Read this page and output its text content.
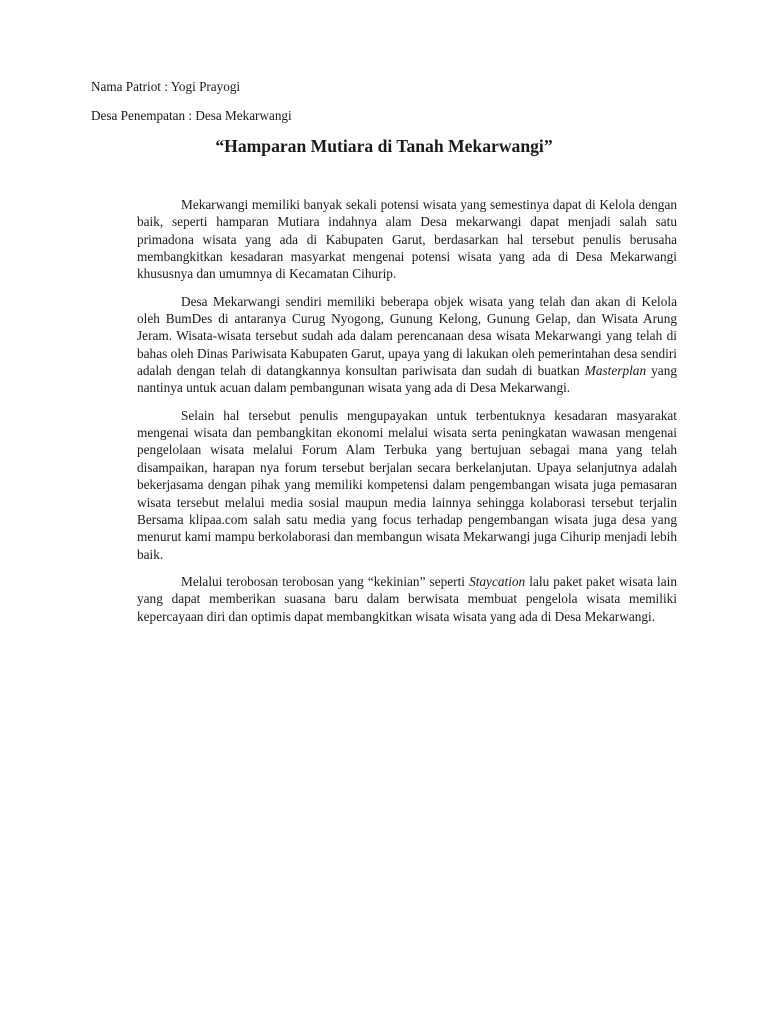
Nama Patriot : Yogi Prayogi
Desa Penempatan : Desa Mekarwangi
“Hamparan Mutiara di Tanah Mekarwangi”

Mekarwangi memiliki banyak sekali potensi wisata yang semestinya dapat di Kelola dengan baik, seperti hamparan Mutiara indahnya alam Desa mekarwangi dapat menjadi salah satu primadona wisata yang ada di Kabupaten Garut, berdasarkan hal tersebut penulis berusaha membangkitkan kesadaran masyarkat mengenai potensi wisata yang ada di Desa Mekarwangi khususnya dan umumnya di Kecamatan Cihurip.

Desa Mekarwangi sendiri memiliki beberapa objek wisata yang telah dan akan di Kelola oleh BumDes di antaranya Curug Nyogong, Gunung Kelong, Gunung Gelap, dan Wisata Arung Jeram. Wisata-wisata tersebut sudah ada dalam perencanaan desa wisata Mekarwangi yang telah di bahas oleh Dinas Pariwisata Kabupaten Garut, upaya yang di lakukan oleh pemerintahan desa sendiri adalah dengan telah di datangkannya konsultan pariwisata dan sudah di buatkan Masterplan yang nantinya untuk acuan dalam pembangunan wisata yang ada di Desa Mekarwangi.

Selain hal tersebut penulis mengupayakan untuk terbentuknya kesadaran masyarakat mengenai wisata dan pembangkitan ekonomi melalui wisata serta peningkatan wawasan mengenai pengelolaan wisata melalui Forum Alam Terbuka yang bertujuan sebagai mana yang telah disampaikan, harapan nya forum tersebut berjalan secara berkelanjutan. Upaya selanjutnya adalah bekerjasama dengan pihak yang memiliki kompetensi dalam pengembangan wisata juga pemasaran wisata tersebut melalui media sosial maupun media lainnya sehingga kolaborasi tersebut terjalin Bersama klipaa.com salah satu media yang focus terhadap pengembangan wisata juga desa yang menurut kami mampu berkolaborasi dan membangun wisata Mekarwangi juga Cihurip menjadi lebih baik.

Melalui terobosan terobosan yang “kekinian” seperti Staycation lalu paket paket wisata lain yang dapat memberikan suasana baru dalam berwisata membuat pengelola wisata memiliki kepercayaan diri dan optimis dapat membangkitkan wisata wisata yang ada di Desa Mekarwangi.
